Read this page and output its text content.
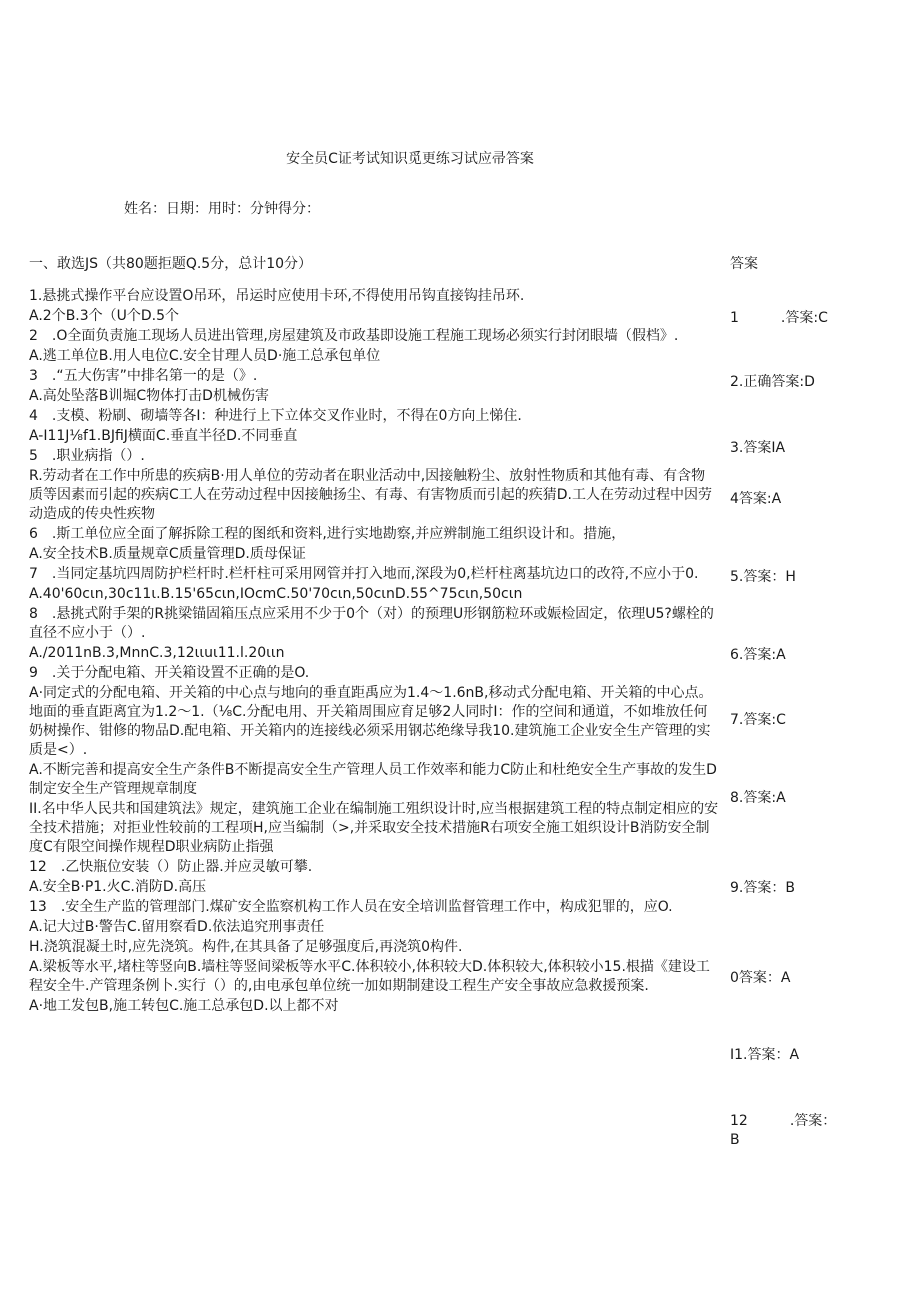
安全员C证考试知识觅更练习试应帚答案
姓名：日期：用时：分钟得分：
一、敢选JS（共80题拒题Q.5分，总计10分）	答案

1.悬挑式操作平台应设置O吊环，吊运时应使用卡环,不得使用吊钩直接钩挂吊环.

A.2个B.3个（U个D.5个

2　.O全面负责施工现场人员进出管理,房屋建筑及市政基即设施工程施工现场必须实行封闭眼墙（假档》.

A.逃工单位B.用人电位C.安全甘理人员D·施工总承包单位

3　.“五大伤害”中排名第一的是（》.

A.高处坠落B训堀C物体打击D机械伤害

4　.支模、粉刷、砌墙等各I：种进行上下立体交叉作业时，不得在0方向上悌住.

A-I11J⅛f1.BJfiJ横面C.垂直半径D.不同垂直

5　.职业病指（）.

R.劳动者在工作中所患的疾病B·用人单位的劳动者在职业活动中,因接触粉尘、放射性物质和其他有毒、有含物质等因素而引起的疾病C工人在劳动过程中因接触扬尘、有毒、有害物质而引起的疾猜D.工人在劳动过程中因劳动造成的传央性疾物

6　.斯工单位应全面了解拆除工程的图纸和资料,进行实地勘察,并应辨制施工组织设计和。措施，

A.安全技术B.质量规章C质量管理D.质母保证

7　.当同定基坑四周防护栏杆时.栏杆柱可采用网管并打入地而,深段为0,栏杆柱离基坑边口的改符,不应小于0.

A.40'60cιn,30c11ι.B.15'65cιn,IOcmC.50'70cιn,50cιnD.55^75cιn,50cιn

8　.悬挑式附手架的R挑梁锚固箱压点应采用不少于0个（对）的预理U形钢筋粒环或娠检固定，依理U5?螺栓的直径不应小于（）.

A.∕2011nB.3,MnnC.3,12ιιuι11.l.20ιιn

9　.关于分配电箱、开关箱设置不正确的是O.

A·同定式的分配电箱、开关箱的中心点与地向的垂直距禹应为1.4～1.6nB,移动式分配电箱、开关箱的中心点。地面的垂直距离宜为1.2～1.（⅛C.分配电用、开关箱周围应育足够2人同时I：作的空间和通道，不如堆放任何奶树操作、钳修的物品D.配电箱、开关箱内的连接线必须采用钢芯绝缘导我10.建筑施工企业安全生产管理的实质是<）.

A.不断完善和提高安全生产条件B不断提高安全生产管理人员工作效率和能力C防止和杜绝安全生产事故的发生D制定安全生产管理规章制度

II.名中华人民共和国建筑法》规定，建筑施工企业在编制施工殂织设计时,应当根据建筑工程的特点制定相应的安全技术措施；对拒业性较前的工程项H,应当编制（>,并采取安全技术措施R右项安全施工姐织设计B消防安全制度C有限空间操作规程D职业病防止指强

12　.乙快瓶位安装（）防止器.并应灵敏可攀.

A.安全B·P1.火C.消防D.高压

13　.安全生产监的管理部门.煤矿安全监察机构工作人员在安全培训监督管理工作中，构成犯罪的，应O.

A.记大过B·警告C.留用察看D.依法追究刑事责任

H.浇筑混凝土时,应先浇筑。构件,在其具备了足够强度后,再浇筑0构件.

A.梁板等水平,堵柱等竖向B.墙柱等竖间梁板等水平C.体积较小,体积较大D.体积较大,体积较小15.根描《建设工程安全牛.产管理条例卜.实行（）的,由电承包单位统一加如期制建设工程生产安全事故应急救援预案.

A·地工发包B,施工转包C.施工总承包D.以上都不对

1　　　.答案:C
2.正确答案:D
3.答案IA
4答案:A
5.答案：H
6.答案:A
7.答案:C
8.答案:A
9.答案：B
0答案：A
I1.答案：A
12　　　.答案：
B
